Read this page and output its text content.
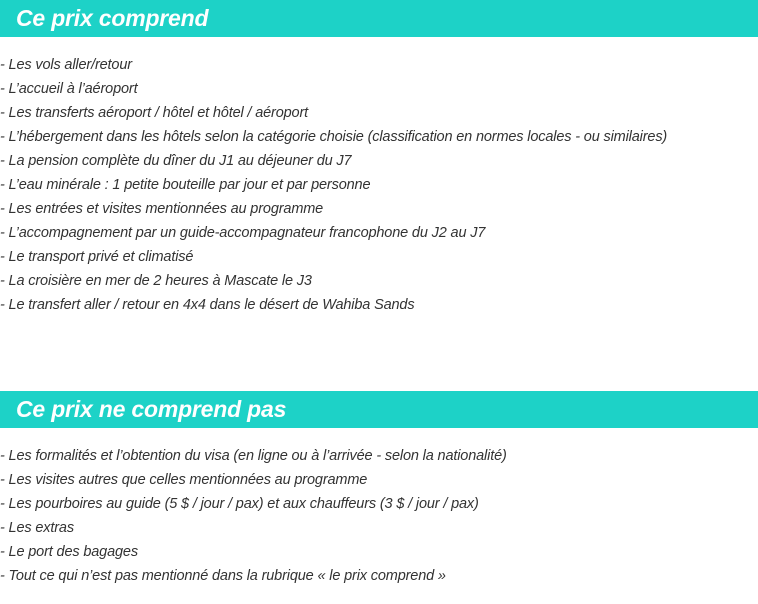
Ce prix comprend
- Les vols aller/retour
- L’accueil à l’aéroport
- Les transferts aéroport / hôtel et hôtel / aéroport
- L’hébergement dans les hôtels selon la catégorie choisie (classification en normes locales - ou similaires)
- La pension complète du dîner du J1 au déjeuner du J7
- L’eau minérale : 1 petite bouteille par jour et par personne
- Les entrées et visites mentionnées au programme
- L’accompagnement par un guide-accompagnateur francophone du J2 au J7
- Le transport privé et climatisé
- La croisière en mer de 2 heures à Mascate le J3
- Le transfert aller / retour en 4x4 dans le désert de Wahiba Sands
Ce prix ne comprend pas
- Les formalités et l’obtention du visa (en ligne ou à l’arrivée - selon la nationalité)
- Les visites autres que celles mentionnées au programme
- Les pourboires au guide (5 $ / jour / pax) et aux chauffeurs (3 $ / jour / pax)
- Les extras
- Le port des bagages
- Tout ce qui n’est pas mentionné dans la rubrique « le prix comprend »
